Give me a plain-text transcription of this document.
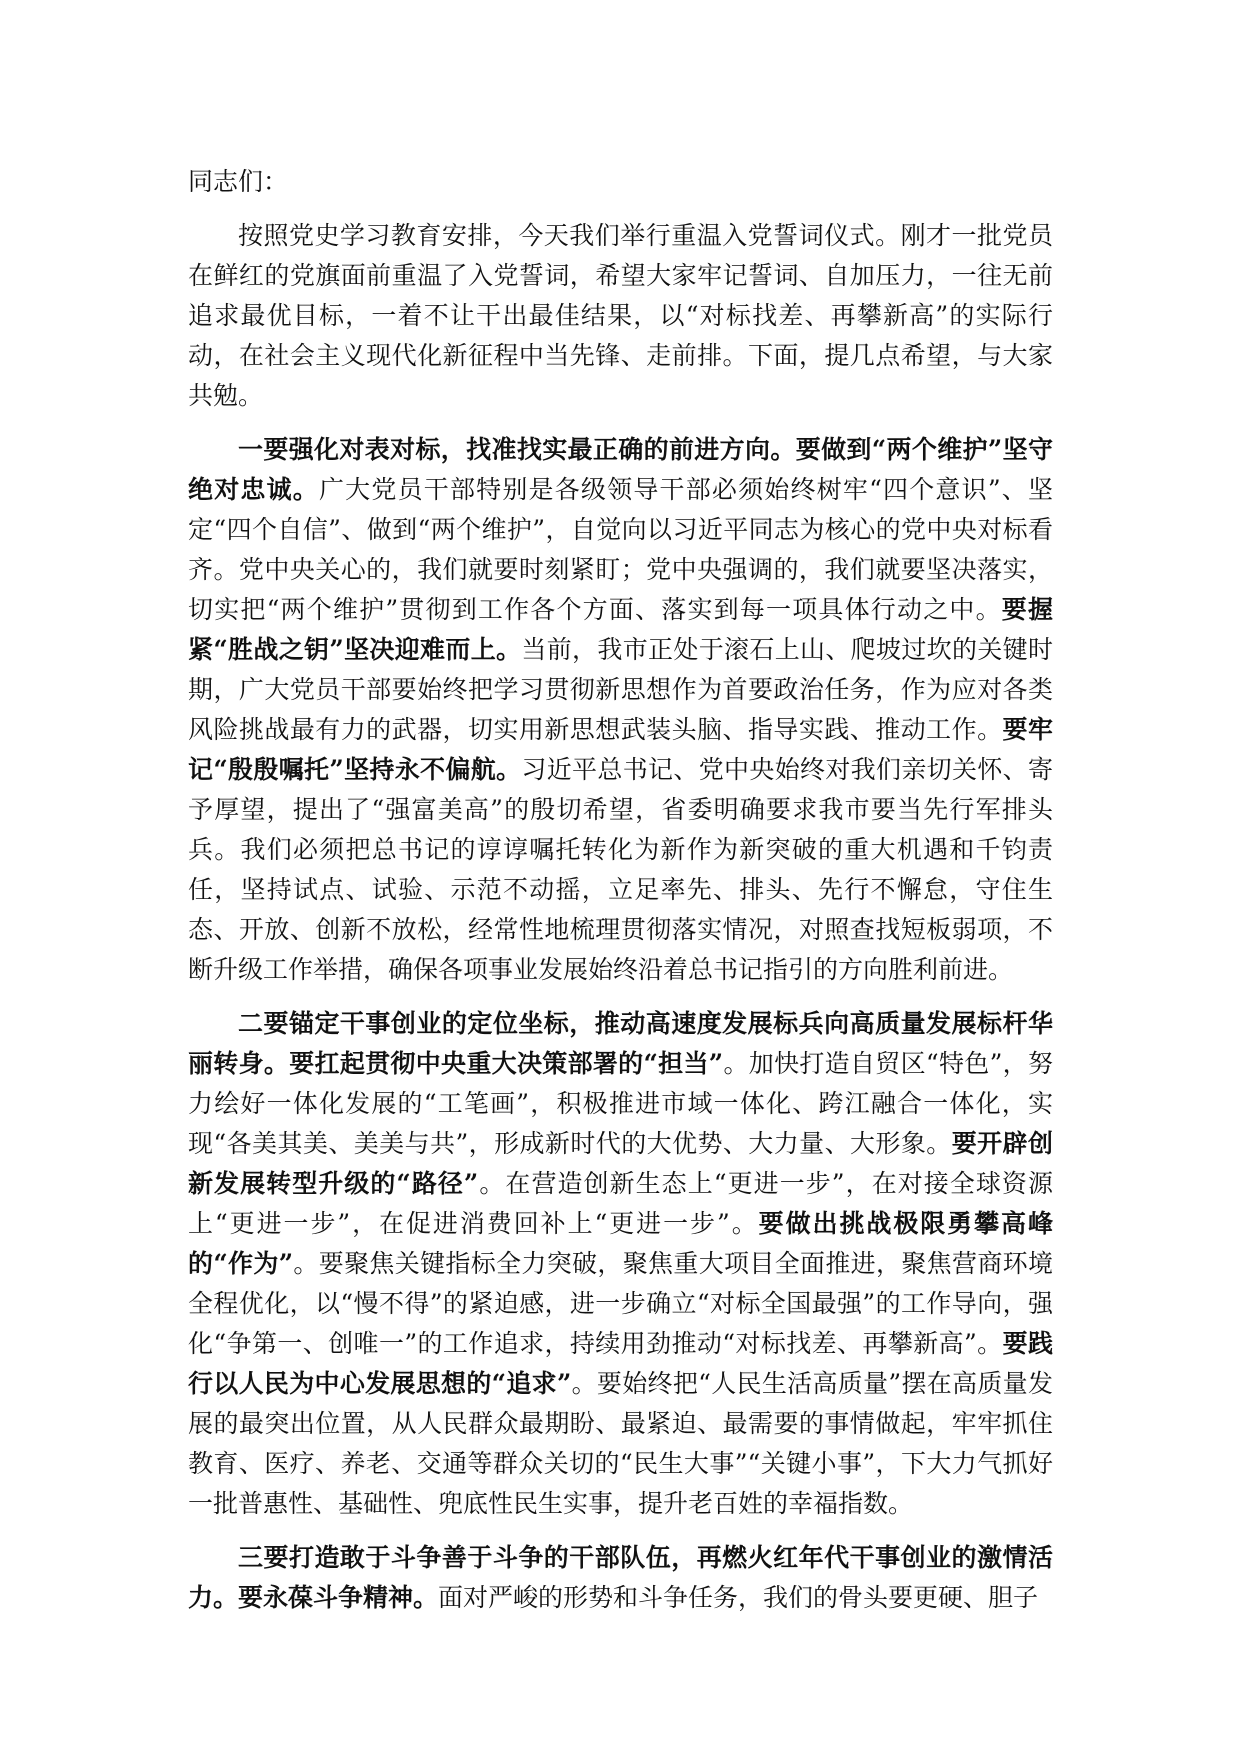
同志们：

按照党史学习教育安排，今天我们举行重温入党誓词仪式。刚才一批党员在鲜红的党旗面前重温了入党誓词，希望大家牢记誓词、自加压力，一往无前追求最优目标，一着不让干出最佳结果，以“对标找差、再攀新高”的实际行动，在社会主义现代化新征程中当先锋、走前排。下面，提几点希望，与大家共勉。

一要强化对表对标，找准找实最正确的前进方向。要做到“两个维护”坚守绝对忠诚。广大党员干部特别是各级领导干部必须始终树牢“四个意识”、坚定“四个自信”、做到“两个维护”，自觉向以习近平同志为核心的党中央对标看齐。党中央关心的，我们就要时刻紧盯；党中央强调的，我们就要坚决落实，切实把“两个维护”贯彻到工作各个方面、落实到每一项具体行动之中。要握紧“胜战之钥”坚决迎难而上。当前，我市正处于滚石上山、爬坡过坎的关键时期，广大党员干部要始终把学习贯彻新思想作为首要政治任务，作为应对各类风险挑战最有力的武器，切实用新思想武装头脑、指导实践、推动工作。要牢记“殷殷嘱托”坚持永不偏航。习近平总书记、党中央始终对我们亲切关怀、寄予厚望，提出了“强富美高”的殷切希望，省委明确要求我市要当先行军排头兵。我们必须把总书记的谆谆嘱托转化为新作为新突破的重大机遇和千钧责任，坚持试点、试验、示范不动摇，立足率先、排头、先行不懈怠，守住生态、开放、创新不放松，经常性地梳理贯彻落实情况，对照查找短板弱项，不断升级工作举措，确保各项事业发展始终沿着总书记指引的方向胜利前进。

二要锚定干事创业的定位坐标，推动高速度发展标兵向高质量发展标杆华丽转身。要扛起贯彻中央重大决策部署的“担当”。加快打造自贸区“特色”，努力绘好一体化发展的“工笔画”，积极推进市域一体化、跨江融合一体化，实现“各美其美、美美与共”，形成新时代的大优势、大力量、大形象。要开辟创新发展转型升级的“路径”。在营造创新生态上“更进一步”，在对接全球资源上“更进一步”，在促进消费回补上“更进一步”。要做出挑战极限勇攀高峰的“作为”。要聚焦关键指标全力突破，聚焦重大项目全面推进，聚焦营商环境全程优化，以“慢不得”的紧迫感，进一步确立“对标全国最强”的工作导向，强化“争第一、创唯一”的工作追求，持续用劲推动“对标找差、再攀新高”。要践行以人民为中心发展思想的“追求”。要始终把“人民生活高质量”摆在高质量发展的最突出位置，从人民群众最期盼、最紧迫、最需要的事情做起，牢牢抓住教育、医疗、养老、交通等群众关切的“民生大事”“关键小事”，下大力气抓好一批普惠性、基础性、兜底性民生实事，提升老百姓的幸福指数。

三要打造敢于斗争善于斗争的干部队伍，再燃火红年代干事创业的激情活力。要永葆斗争精神。面对严峻的形势和斗争任务，我们的骨头要更硬、胆子
